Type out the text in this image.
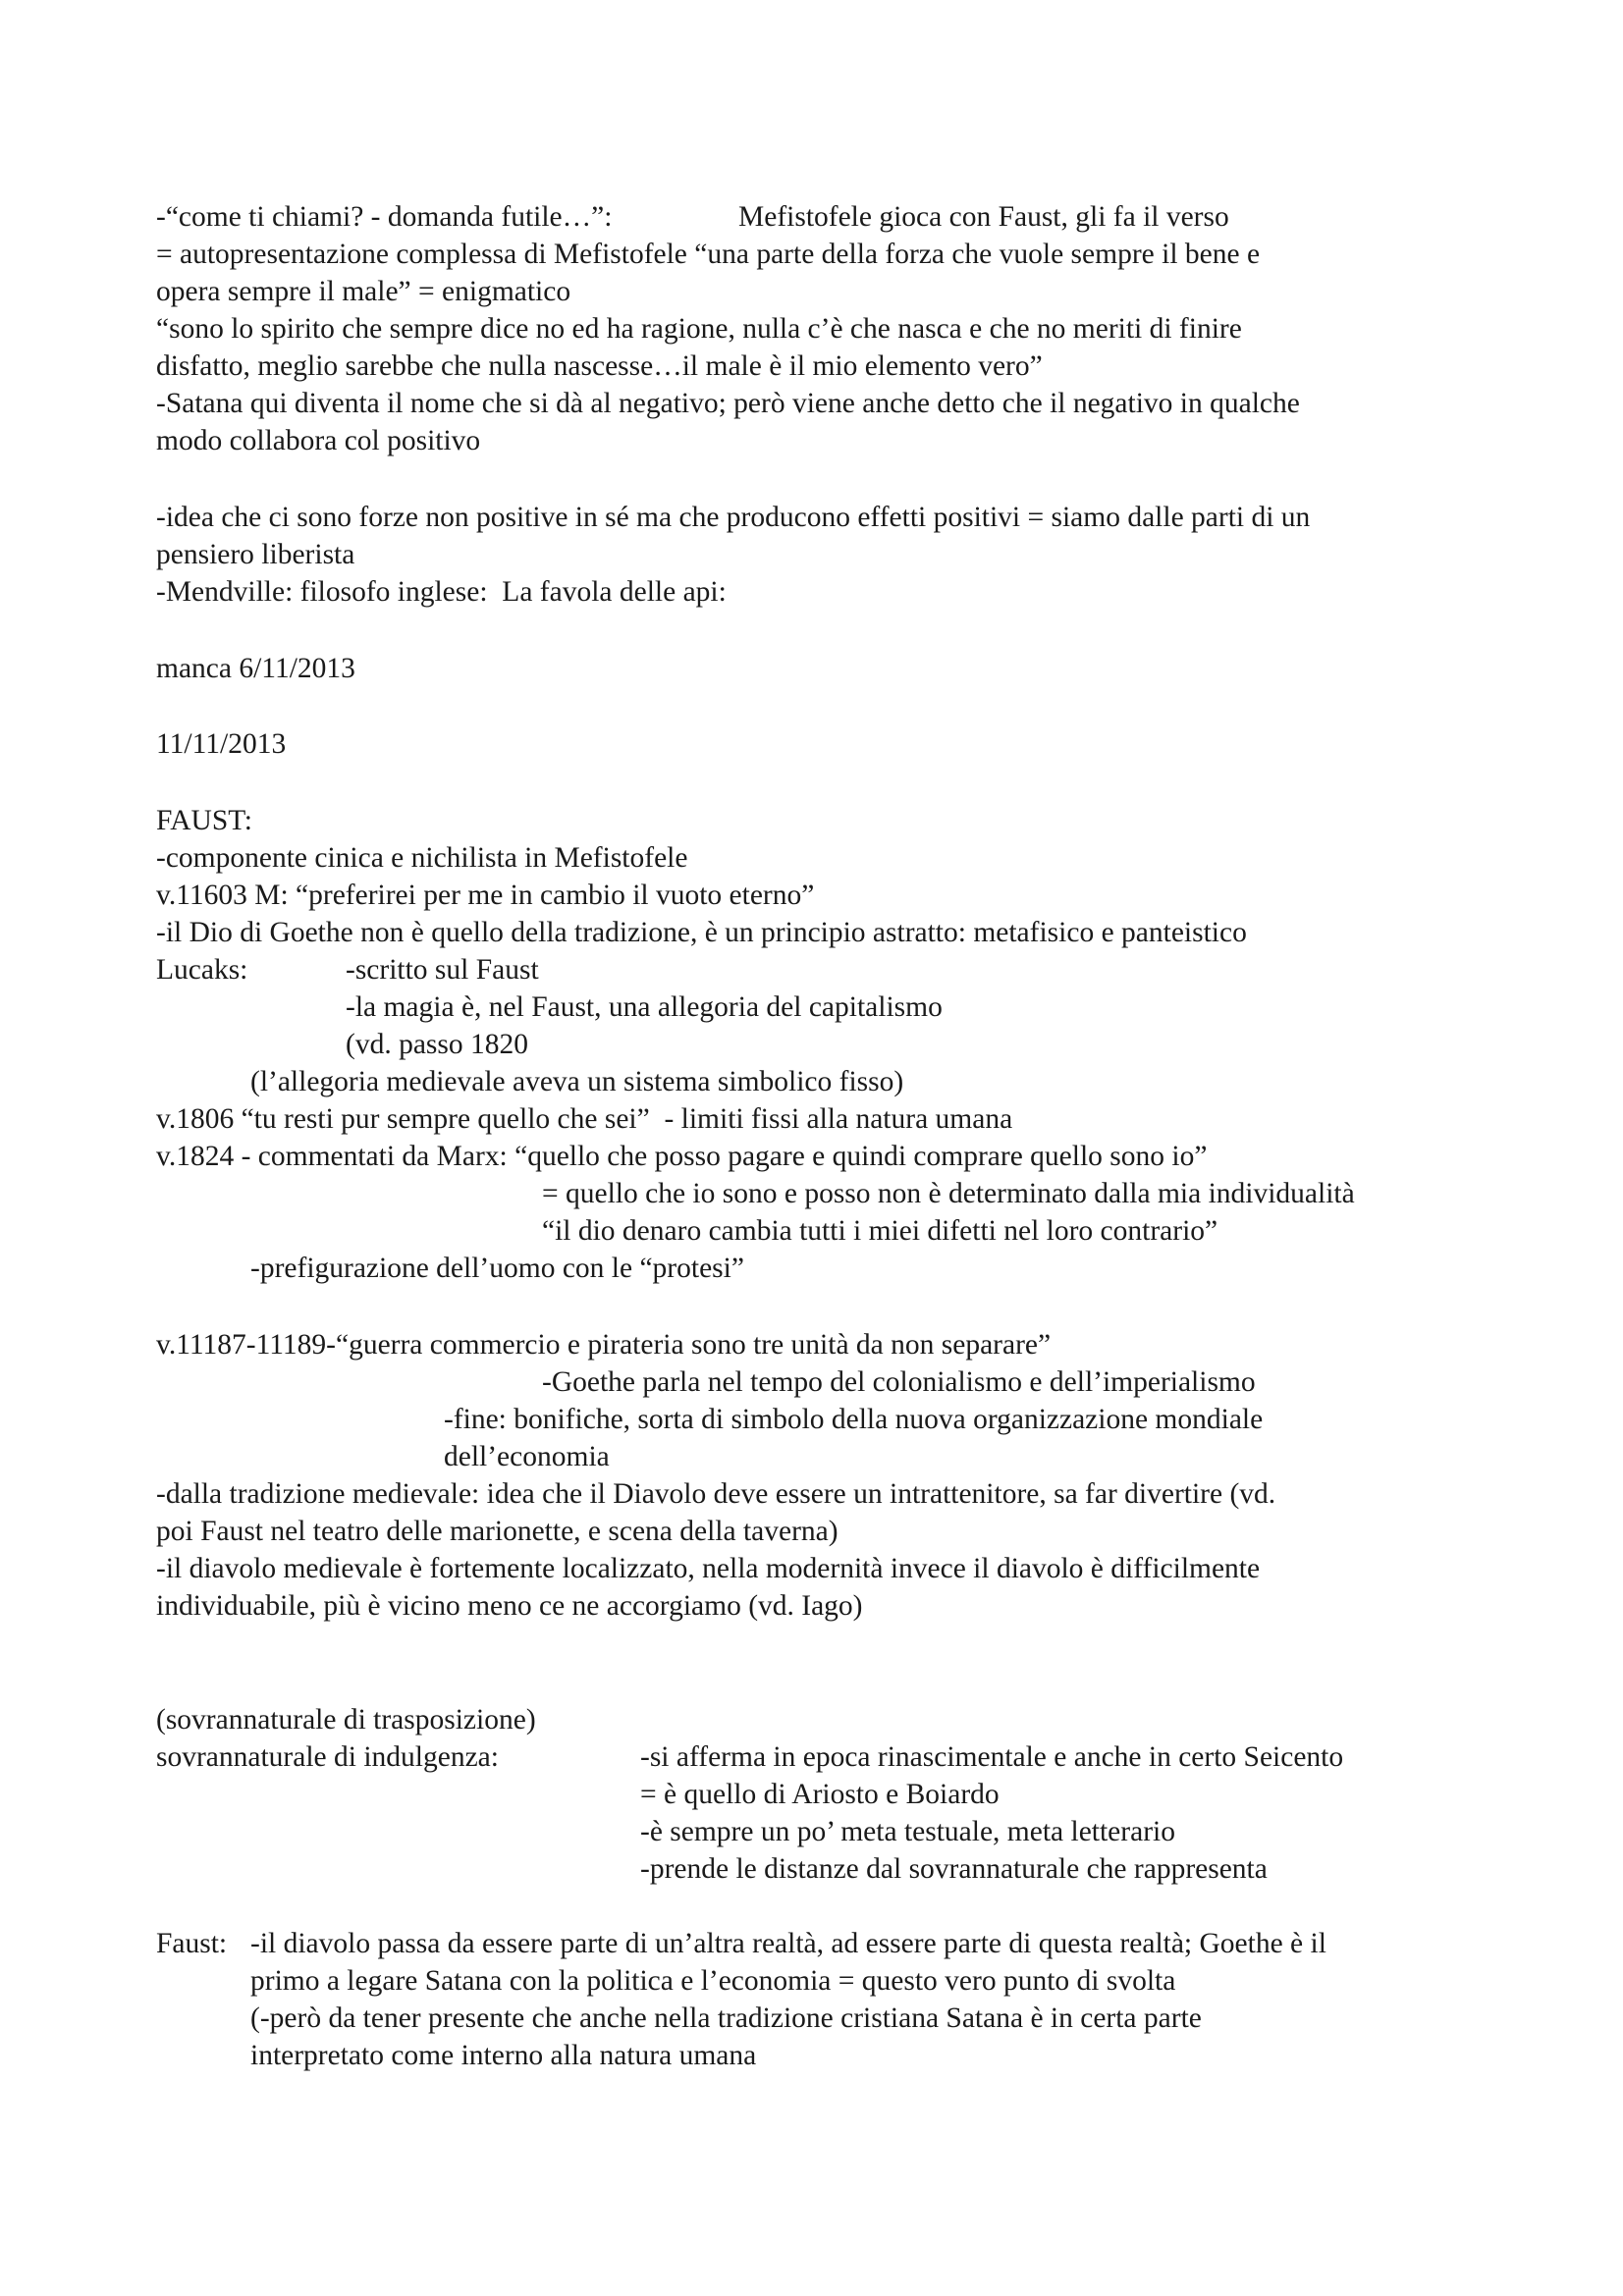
-“come ti chiami? - domanda futile…”:	Mefistofele gioca con Faust, gli fa il verso
= autopresentazione complessa di Mefistofele “una parte della forza che vuole sempre il bene e
opera sempre il male” = enigmatico
“sono lo spirito che sempre dice no ed ha ragione, nulla c’è che nasca e che no meriti di finire
disfatto, meglio sarebbe che nulla nascesse…il male è il mio elemento vero”
-Satana qui diventa il nome che si dà al negativo; però viene anche detto che il negativo in qualche
modo collabora col positivo
-idea che ci sono forze non positive in sé ma che producono effetti positivi = siamo dalle parti di un
pensiero liberista
-Mendville: filosofo inglese:  La favola delle api:
manca 6/11/2013
11/11/2013
FAUST:
-componente cinica e nichilista in Mefistofele
v.11603 M: “preferirei per me in cambio il vuoto eterno”
-il Dio di Goethe non è quello della tradizione, è un principio astratto: metafisico e panteistico
Lucaks:	-scritto sul Faust
-la magia è, nel Faust, una allegoria del capitalismo
(vd. passo 1820
(l’allegoria medievale aveva un sistema simbolico fisso)
v.1806 “tu resti pur sempre quello che sei”  - limiti fissi alla natura umana
v.1824 - commentati da Marx: “quello che posso pagare e quindi comprare quello sono io”
= quello che io sono e posso non è determinato dalla mia individualità
“il dio denaro cambia tutti i miei difetti nel loro contrario”
-prefigurazione dell’uomo con le “protesi”
v.11187-11189-“guerra commercio e pirateria sono tre unità da non separare”
-Goethe parla nel tempo del colonialismo e dell’imperialismo
-fine: bonifiche, sorta di simbolo della nuova organizzazione mondiale
dell’economia
-dalla tradizione medievale: idea che il Diavolo deve essere un intrattenitore, sa far divertire (vd.
poi Faust nel teatro delle marionette, e scena della taverna)
-il diavolo medievale è fortemente localizzato, nella modernità invece il diavolo è difficilmente
individuabile, più è vicino meno ce ne accorgiamo (vd. Iago)
(sovrannaturale di trasposizione)
sovrannaturale di indulgenza:	-si afferma in epoca rinascimentale e anche in certo Seicento
= è quello di Ariosto e Boiardo
-è sempre un po’ meta testuale, meta letterario
-prende le distanze dal sovrannaturale che rappresenta
Faust: -il diavolo passa da essere parte di un’altra realtà, ad essere parte di questa realtà; Goethe è il
primo a legare Satana con la politica e l’economia = questo vero punto di svolta
(-però da tener presente che anche nella tradizione cristiana Satana è in certa parte
interpretato come interno alla natura umana
